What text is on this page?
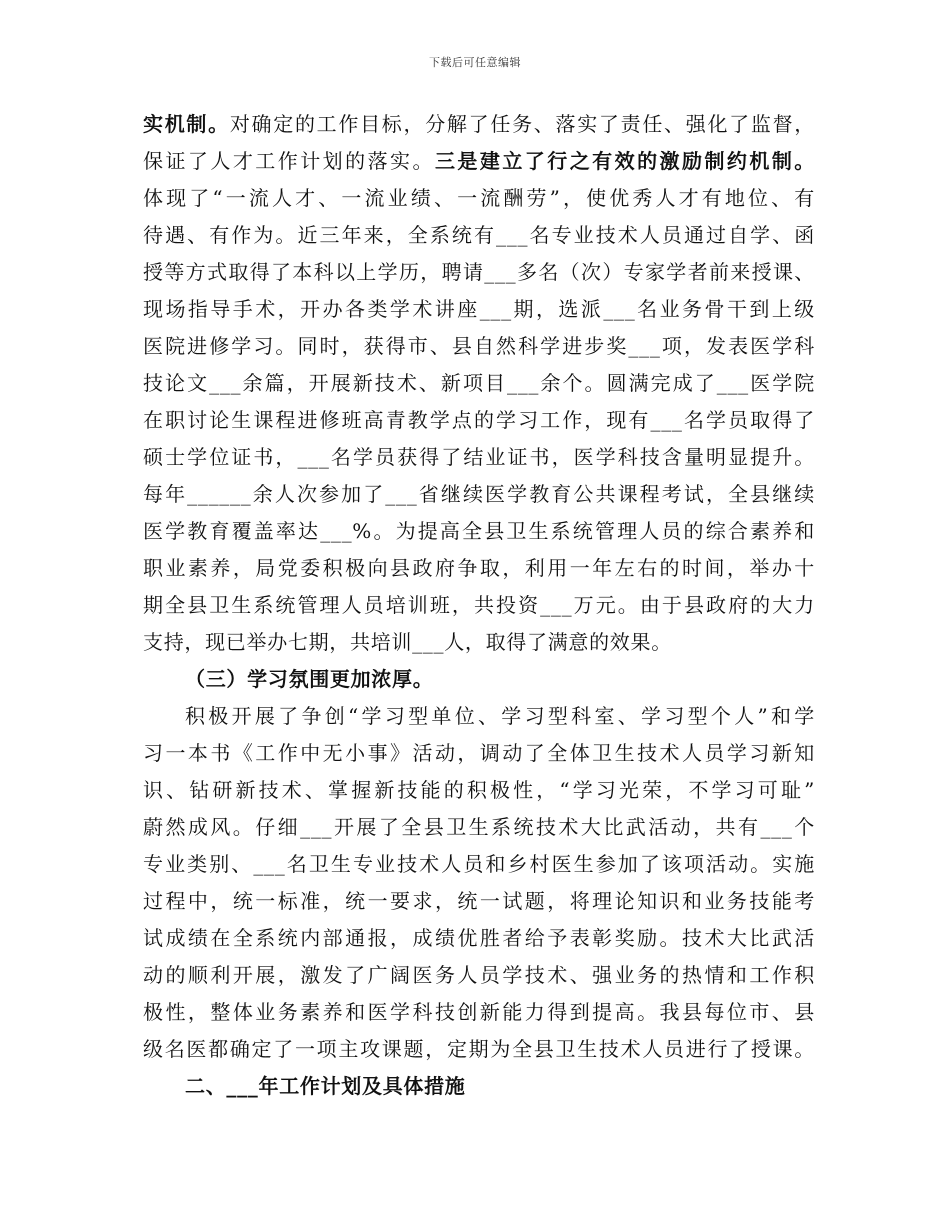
下载后可任意编辑
实机制。对确定的工作目标，分解了任务、落实了责任、强化了监督，
保证了人才工作计划的落实。三是建立了行之有效的激励制约机制。
体现了“一流人才、一流业绩、一流酬劳”，使优秀人才有地位、有
待遇、有作为。近三年来，全系统有___名专业技术人员通过自学、函
授等方式取得了本科以上学历，聘请___多名（次）专家学者前来授课、
现场指导手术，开办各类学术讲座___期，选派___名业务骨干到上级
医院进修学习。同时，获得市、县自然科学进步奖___项，发表医学科
技论文___余篇，开展新技术、新项目___余个。圆满完成了___医学院
在职讨论生课程进修班高青教学点的学习工作，现有___名学员取得了
硕士学位证书，___名学员获得了结业证书，医学科技含量明显提升。
每年______余人次参加了___省继续医学教育公共课程考试，全县继续
医学教育覆盖率达___%。为提高全县卫生系统管理人员的综合素养和
职业素养，局党委积极向县政府争取，利用一年左右的时间，举办十
期全县卫生系统管理人员培训班，共投资___万元。由于县政府的大力
支持，现已举办七期，共培训___人，取得了满意的效果。
（三）学习氛围更加浓厚。
积极开展了争创“学习型单位、学习型科室、学习型个人”和学
习一本书《工作中无小事》活动，调动了全体卫生技术人员学习新知
识、钻研新技术、掌握新技能的积极性，“学习光荣，不学习可耻”
蔚然成风。仔细___开展了全县卫生系统技术大比武活动，共有___个
专业类别、___名卫生专业技术人员和乡村医生参加了该项活动。实施
过程中，统一标准，统一要求，统一试题，将理论知识和业务技能考
试成绩在全系统内部通报，成绩优胜者给予表彰奖励。技术大比武活
动的顺利开展，激发了广阔医务人员学技术、强业务的热情和工作积
极性，整体业务素养和医学科技创新能力得到提高。我县每位市、县
级名医都确定了一项主攻课题，定期为全县卫生技术人员进行了授课。
二、___年工作计划及具体措施
